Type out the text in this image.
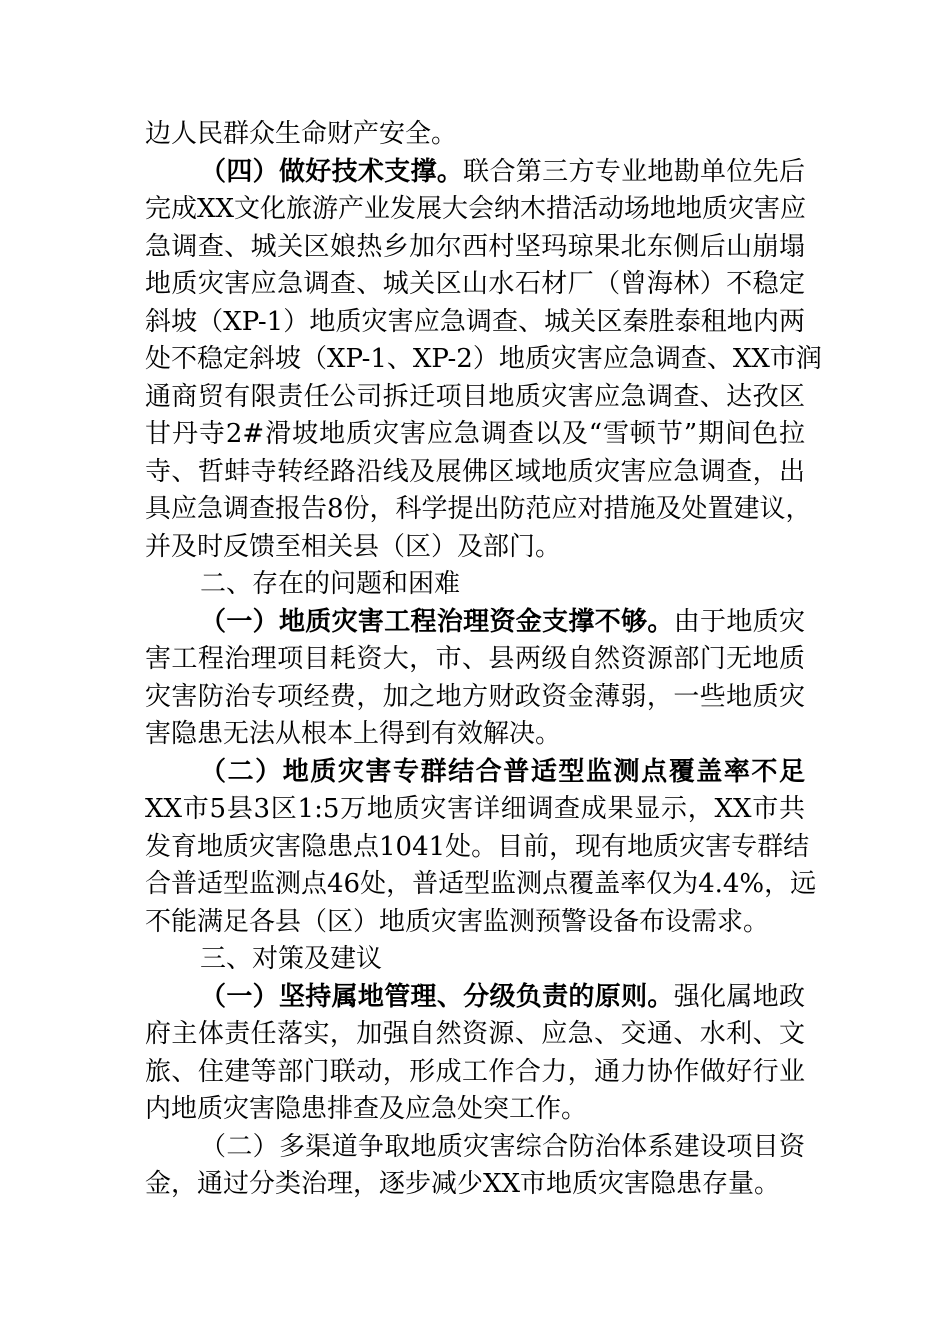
边人民群众生命财产安全。
（四）做好技术支撑。联合第三方专业地勘单位先后
完成XX文化旅游产业发展大会纳木措活动场地地质灾害应
急调查、城关区娘热乡加尔西村坚玛琼果北东侧后山崩塌
地质灾害应急调查、城关区山水石材厂（曾海林）不稳定
斜坡（XP-1）地质灾害应急调查、城关区秦胜泰租地内两
处不稳定斜坡（XP-1、XP-2）地质灾害应急调查、XX市润
通商贸有限责任公司拆迁项目地质灾害应急调查、达孜区
甘丹寺2#滑坡地质灾害应急调查以及“雪顿节”期间色拉
寺、哲蚌寺转经路沿线及展佛区域地质灾害应急调查，出
具应急调查报告8份，科学提出防范应对措施及处置建议，
并及时反馈至相关县（区）及部门。
二、存在的问题和困难
（一）地质灾害工程治理资金支撑不够。由于地质灾
害工程治理项目耗资大，市、县两级自然资源部门无地质
灾害防治专项经费，加之地方财政资金薄弱，一些地质灾
害隐患无法从根本上得到有效解决。
（二）地质灾害专群结合普适型监测点覆盖率不足
XX市5县3区1:5万地质灾害详细调查成果显示，XX市共
发育地质灾害隐患点1041处。目前，现有地质灾害专群结
合普适型监测点46处，普适型监测点覆盖率仅为4.4%，远
不能满足各县（区）地质灾害监测预警设备布设需求。
三、对策及建议
（一）坚持属地管理、分级负责的原则。强化属地政
府主体责任落实，加强自然资源、应急、交通、水利、文
旅、住建等部门联动，形成工作合力，通力协作做好行业
内地质灾害隐患排查及应急处突工作。
（二）多渠道争取地质灾害综合防治体系建设项目资
金，通过分类治理，逐步减少XX市地质灾害隐患存量。
